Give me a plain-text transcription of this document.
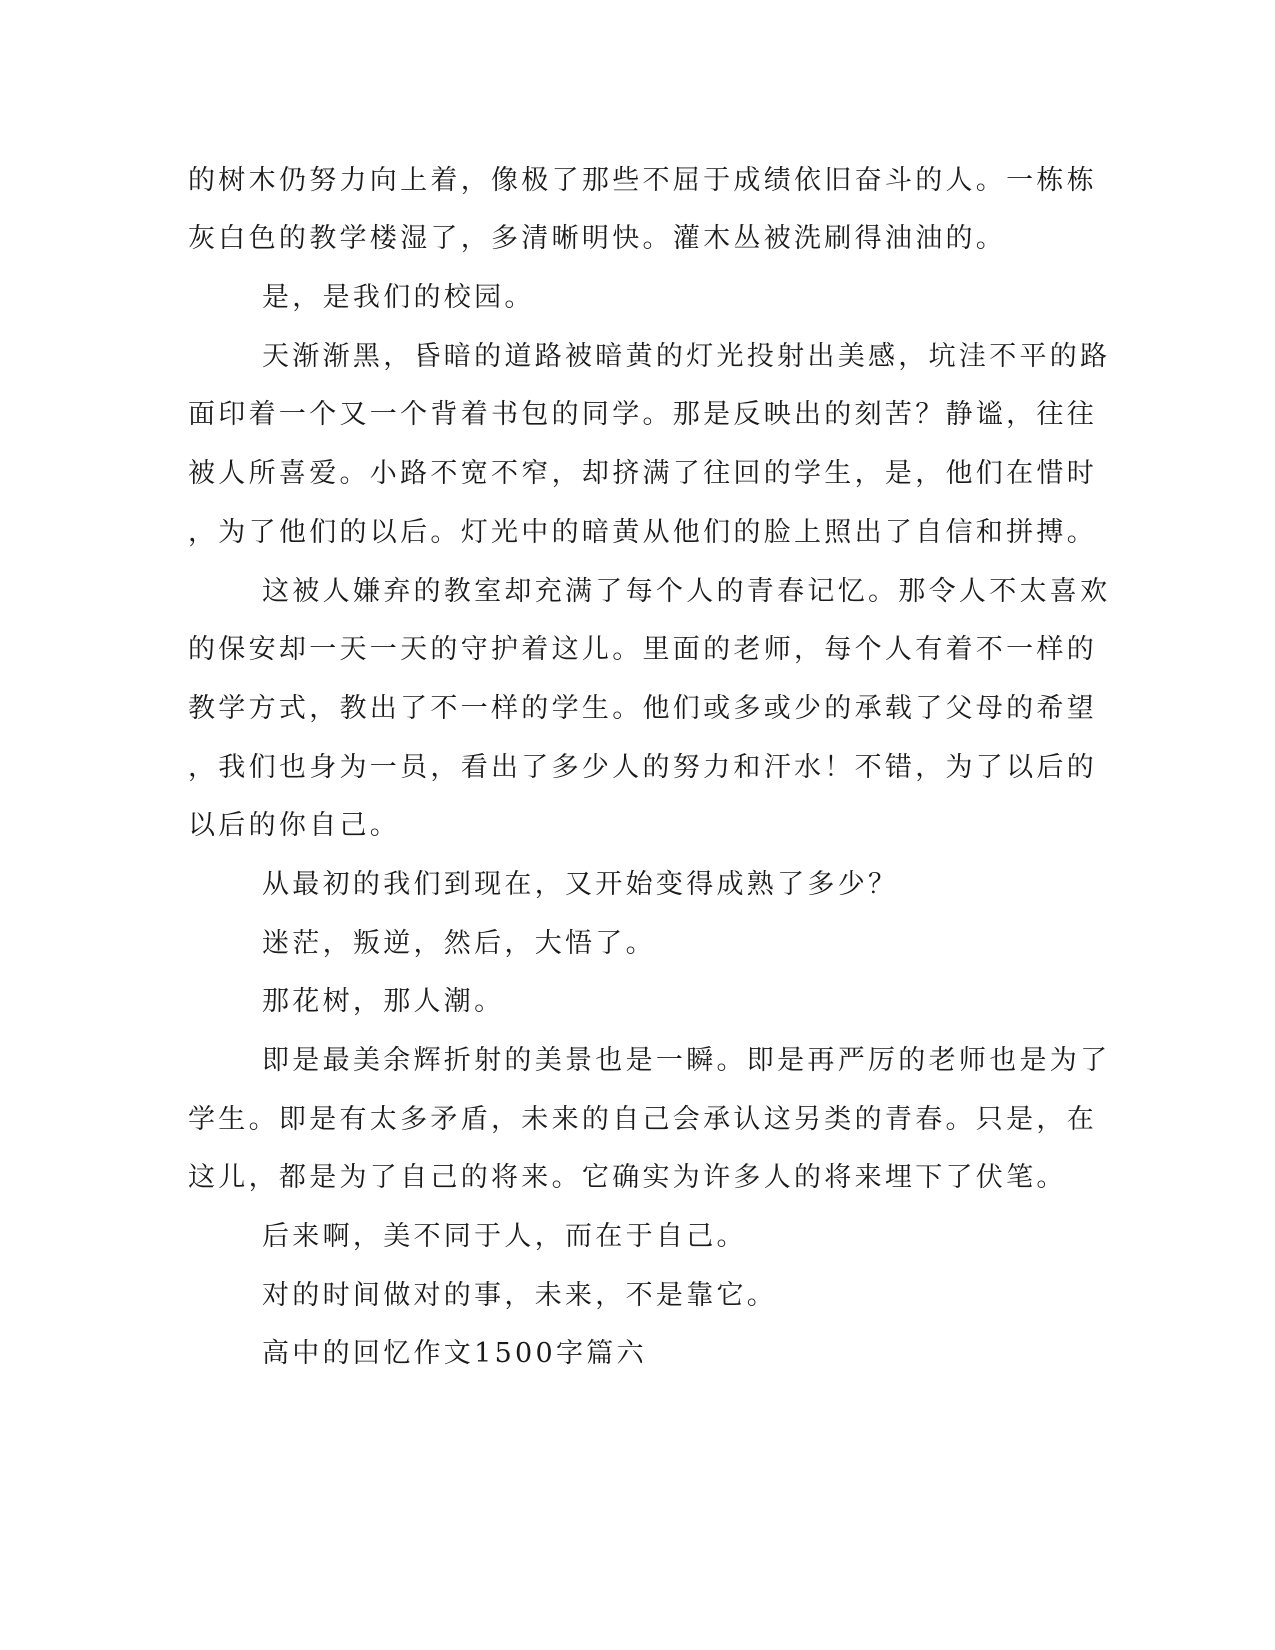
的树木仍努力向上着，像极了那些不屈于成绩依旧奋斗的人。一栋栋
灰白色的教学楼湿了，多清晰明快。灌木丛被洗刷得油油的。
是，是我们的校园。
天渐渐黑，昏暗的道路被暗黄的灯光投射出美感，坑洼不平的路
面印着一个又一个背着书包的同学。那是反映出的刻苦？静谧，往往
被人所喜爱。小路不宽不窄，却挤满了往回的学生，是，他们在惜时
，为了他们的以后。灯光中的暗黄从他们的脸上照出了自信和拼搏。
这被人嫌弃的教室却充满了每个人的青春记忆。那令人不太喜欢
的保安却一天一天的守护着这儿。里面的老师，每个人有着不一样的
教学方式，教出了不一样的学生。他们或多或少的承载了父母的希望
，我们也身为一员，看出了多少人的努力和汗水！不错，为了以后的
以后的你自己。
从最初的我们到现在，又开始变得成熟了多少？
迷茫，叛逆，然后，大悟了。
那花树，那人潮。
即是最美余辉折射的美景也是一瞬。即是再严厉的老师也是为了
学生。即是有太多矛盾，未来的自己会承认这另类的青春。只是，在
这儿，都是为了自己的将来。它确实为许多人的将来埋下了伏笔。
后来啊，美不同于人，而在于自己。
对的时间做对的事，未来，不是靠它。
高中的回忆作文1500字篇六
